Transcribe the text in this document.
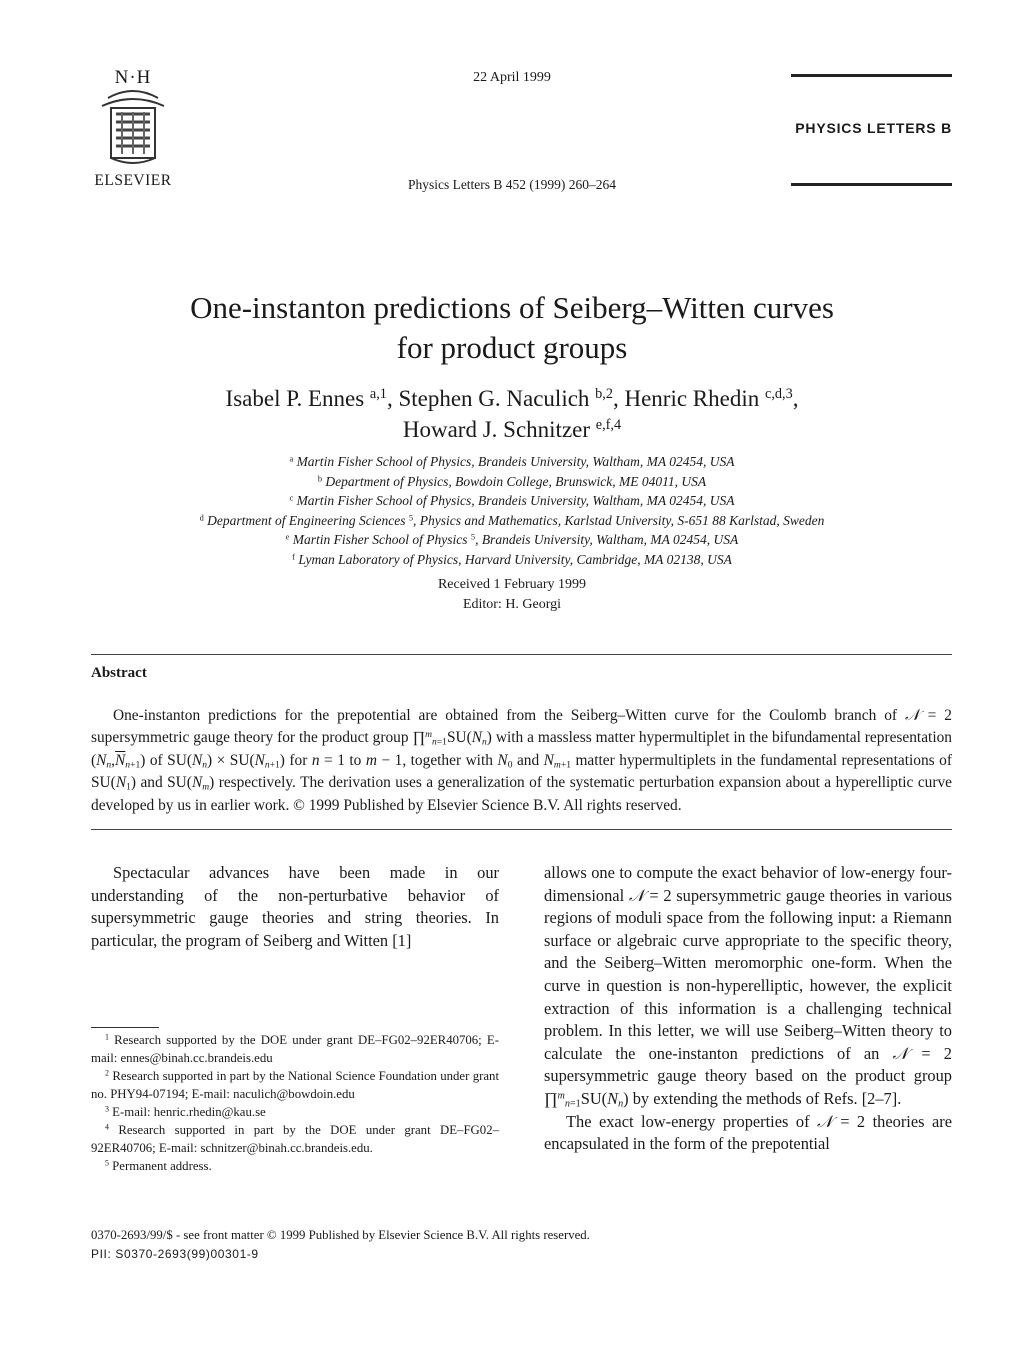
N·H
ELSEVIER
22 April 1999
Physics Letters B 452 (1999) 260–264
PHYSICS LETTERS B
One-instanton predictions of Seiberg–Witten curves
for product groups
Isabel P. Ennes $^{a,1}$, Stephen G. Naculich $^{b,2}$, Henric Rhedin $^{c,d,3}$,
Howard J. Schnitzer $^{e,f,4}$
$^a$ Martin Fisher School of Physics, Brandeis University, Waltham, MA 02454, USA
$^b$ Department of Physics, Bowdoin College, Brunswick, ME 04011, USA
$^c$ Martin Fisher School of Physics, Brandeis University, Waltham, MA 02454, USA
$^d$ Department of Engineering Sciences $^5$, Physics and Mathematics, Karlstad University, S-651 88 Karlstad, Sweden
$^e$ Martin Fisher School of Physics $^5$, Brandeis University, Waltham, MA 02454, USA
$^f$ Lyman Laboratory of Physics, Harvard University, Cambridge, MA 02138, USA
Received 1 February 1999
Editor: H. Georgi
Abstract

One-instanton predictions for the prepotential are obtained from the Seiberg–Witten curve for the Coulomb branch of 𝒩 = 2 supersymmetric gauge theory for the product group $\prod^m_{n=1}SU(N_n)$ with a massless matter hypermultiplet in the bifundamental representation $(N_n,\overline{N}_{n+1})$ of $SU(N_n) \times SU(N_{n+1})$ for n = 1 to m − 1, together with $N_0$ and $N_{m+1}$ matter hypermultiplets in the fundamental representations of $SU(N_1)$ and $SU(N_m)$ respectively. The derivation uses a generalization of the systematic perturbation expansion about a hyperelliptic curve developed by us in earlier work. © 1999 Published by Elsevier Science B.V. All rights reserved.

Spectacular advances have been made in our understanding of the non-perturbative behavior of supersymmetric gauge theories and string theories. In particular, the program of Seiberg and Witten [1]

allows one to compute the exact behavior of low-energy four-dimensional 𝒩 = 2 supersymmetric gauge theories in various regions of moduli space from the following input: a Riemann surface or algebraic curve appropriate to the specific theory, and the Seiberg–Witten meromorphic one-form. When the curve in question is non-hyperelliptic, however, the explicit extraction of this information is a challenging technical problem. In this letter, we will use Seiberg–Witten theory to calculate the one-instanton predictions of an 𝒩 = 2 supersymmetric gauge theory based on the product group $\prod^m_{n=1}SU(N_n)$ by extending the methods of Refs. [2–7].

The exact low-energy properties of 𝒩 = 2 theories are encapsulated in the form of the prepotential

$^1$ Research supported by the DOE under grant DE–FG02–92ER40706; E-mail: ennes@binah.cc.brandeis.edu

$^2$ Research supported in part by the National Science Foundation under grant no. PHY94-07194; E-mail: naculich@bowdoin.edu

$^3$ E-mail: henric.rhedin@kau.se

$^4$ Research supported in part by the DOE under grant DE–FG02–92ER40706; E-mail: schnitzer@binah.cc.brandeis.edu.

$^5$ Permanent address.

0370-2693/99/$ - see front matter © 1999 Published by Elsevier Science B.V. All rights reserved.
PII: S0370-2693(99)00301-9
